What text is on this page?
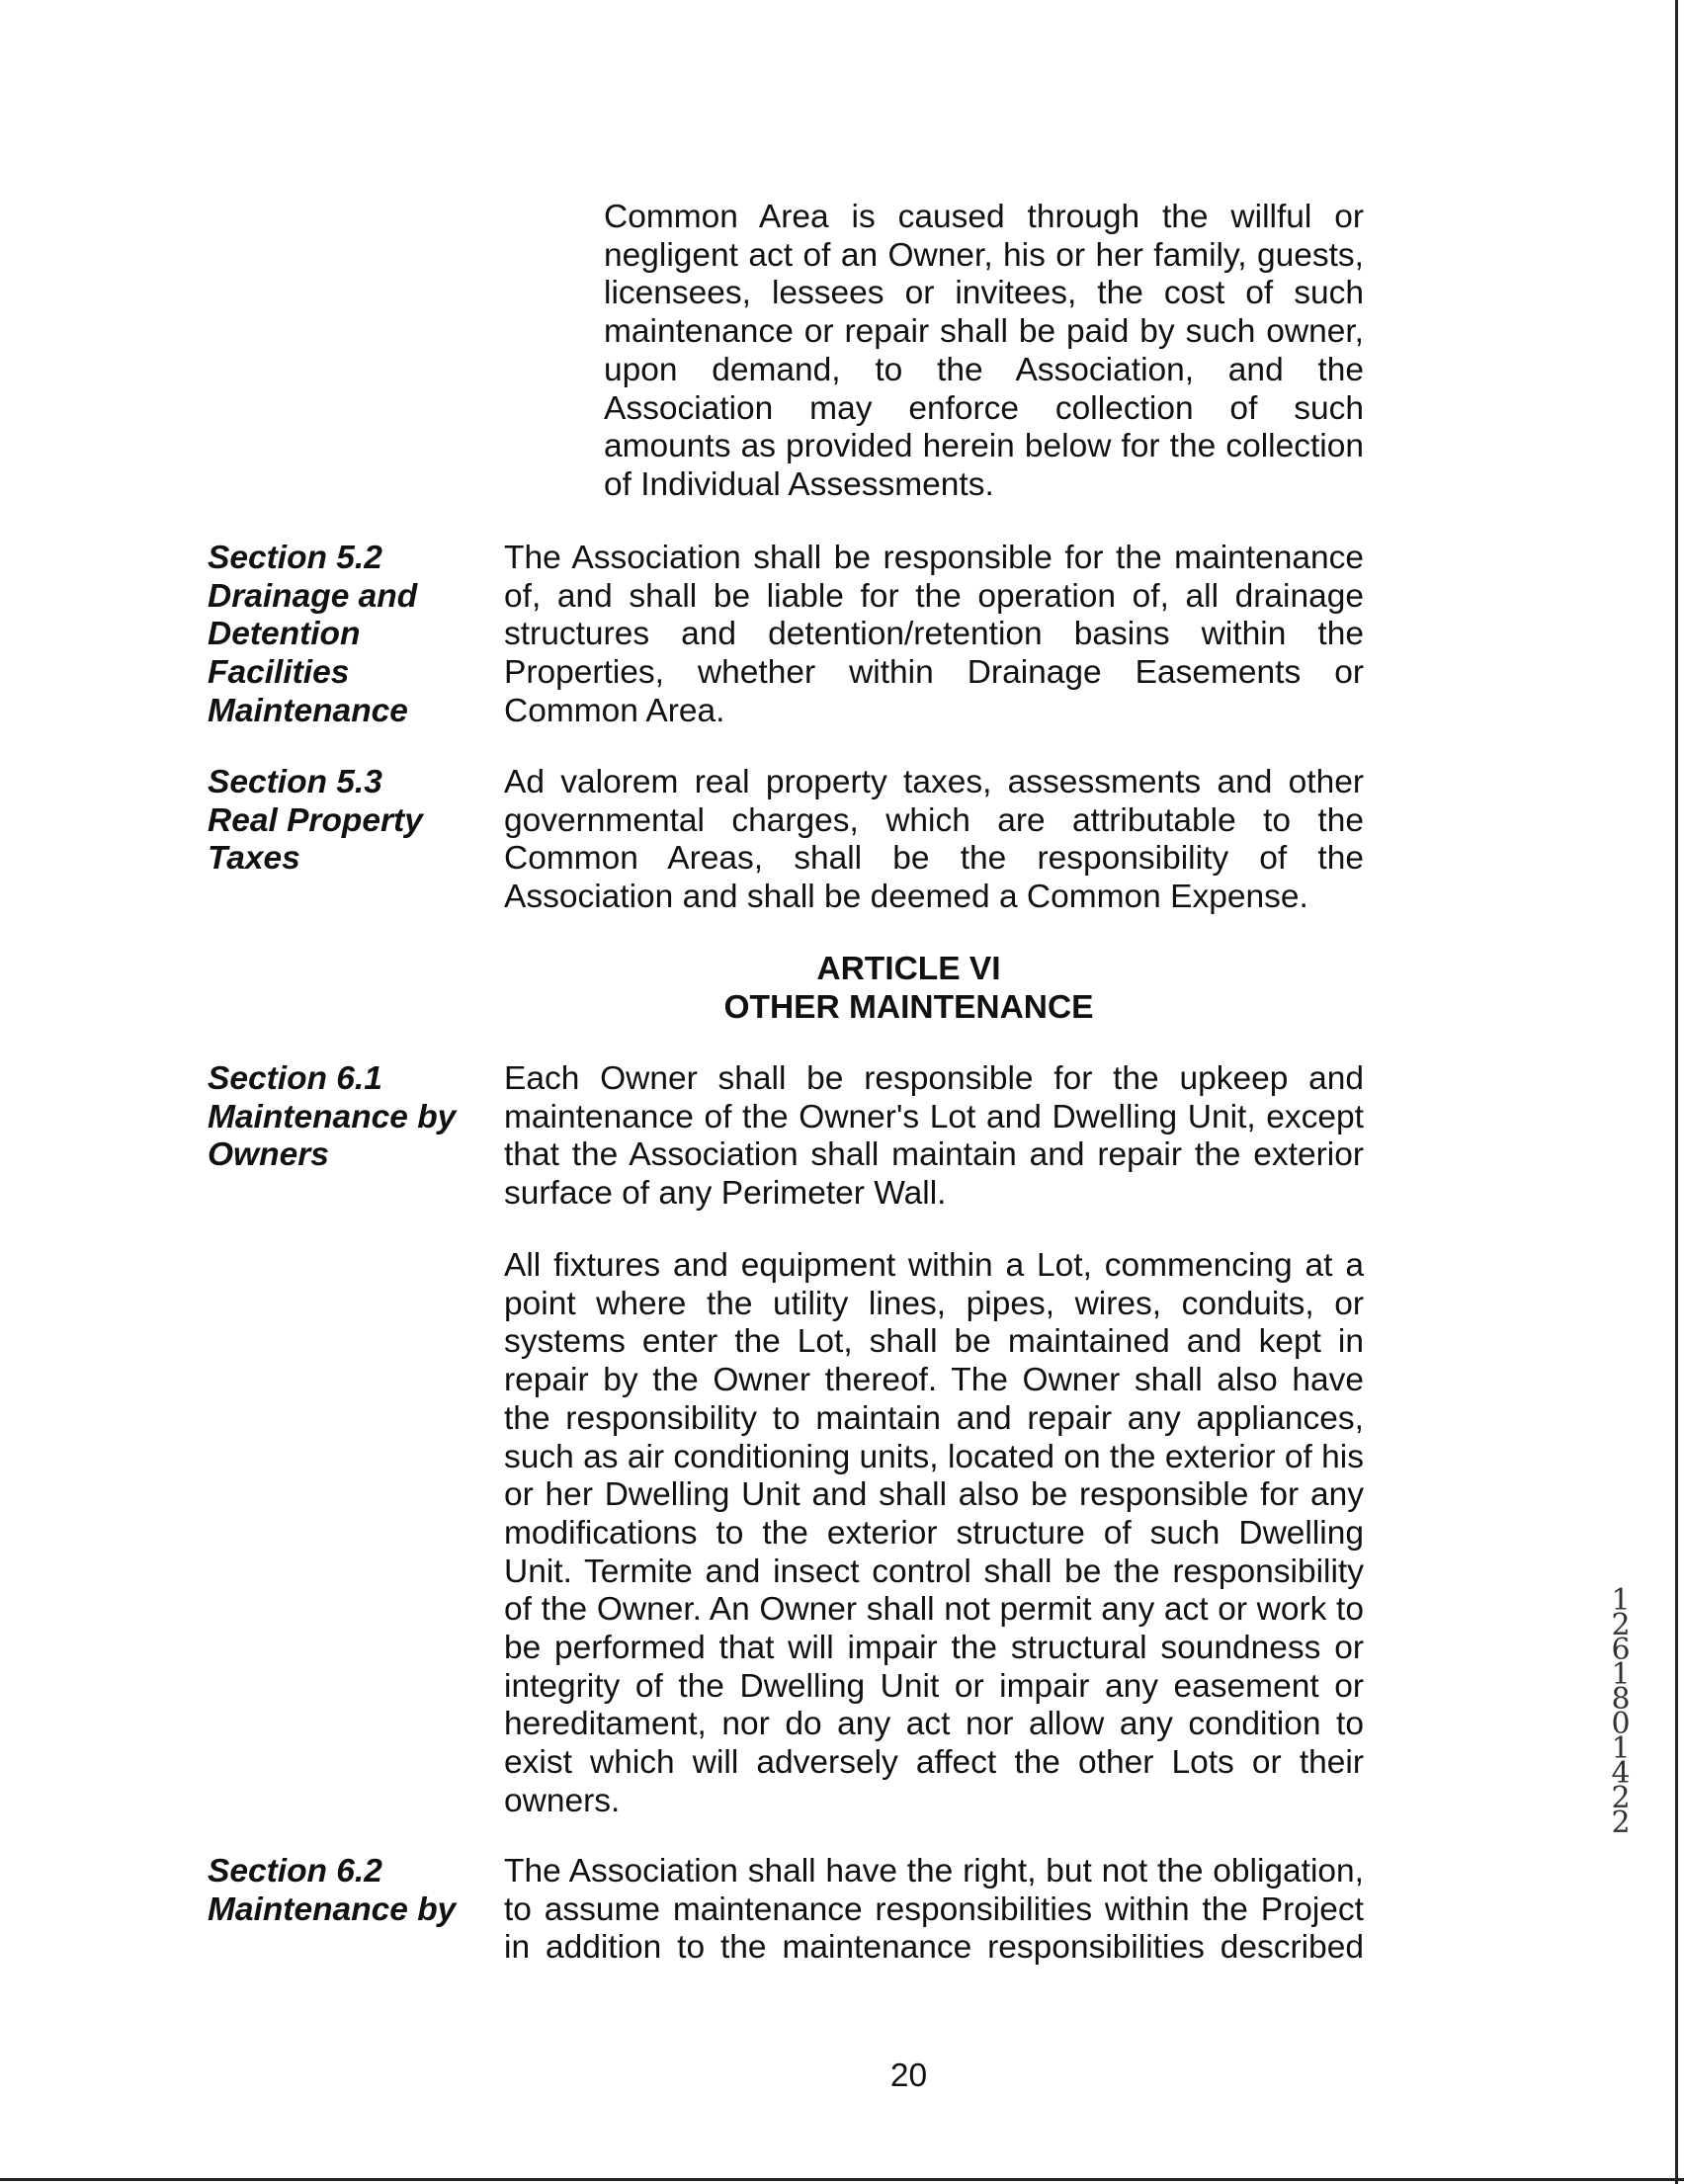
Common Area is caused through the willful or negligent act of an Owner, his or her family, guests, licensees, lessees or invitees, the cost of such maintenance or repair shall be paid by such owner, upon demand, to the Association, and the Association may enforce collection of such amounts as provided herein below for the collection of Individual Assessments.

Section 5.2
Drainage and
Detention
Facilities
Maintenance

The Association shall be responsible for the maintenance of, and shall be liable for the operation of, all drainage structures and detention/retention basins within the Properties, whether within Drainage Easements or Common Area.

Section 5.3
Real Property
Taxes

Ad valorem real property taxes, assessments and other governmental charges, which are attributable to the Common Areas, shall be the responsibility of the Association and shall be deemed a Common Expense.

ARTICLE VI
OTHER MAINTENANCE
Section 6.1
Maintenance by
Owners

Each Owner shall be responsible for the upkeep and maintenance of the Owner's Lot and Dwelling Unit, except that the Association shall maintain and repair the exterior surface of any Perimeter Wall.

All fixtures and equipment within a Lot, commencing at a point where the utility lines, pipes, wires, conduits, or systems enter the Lot, shall be maintained and kept in repair by the Owner thereof. The Owner shall also have the responsibility to maintain and repair any appliances, such as air conditioning units, located on the exterior of his or her Dwelling Unit and shall also be responsible for any modifications to the exterior structure of such Dwelling Unit. Termite and insect control shall be the responsibility of the Owner. An Owner shall not permit any act or work to be performed that will impair the structural soundness or integrity of the Dwelling Unit or impair any easement or hereditament, nor do any act nor allow any condition to exist which will adversely affect the other Lots or their owners.

Section 6.2
Maintenance by

The Association shall have the right, but not the obligation, to assume maintenance responsibilities within the Project in addition to the maintenance responsibilities described

20
12618 01422
